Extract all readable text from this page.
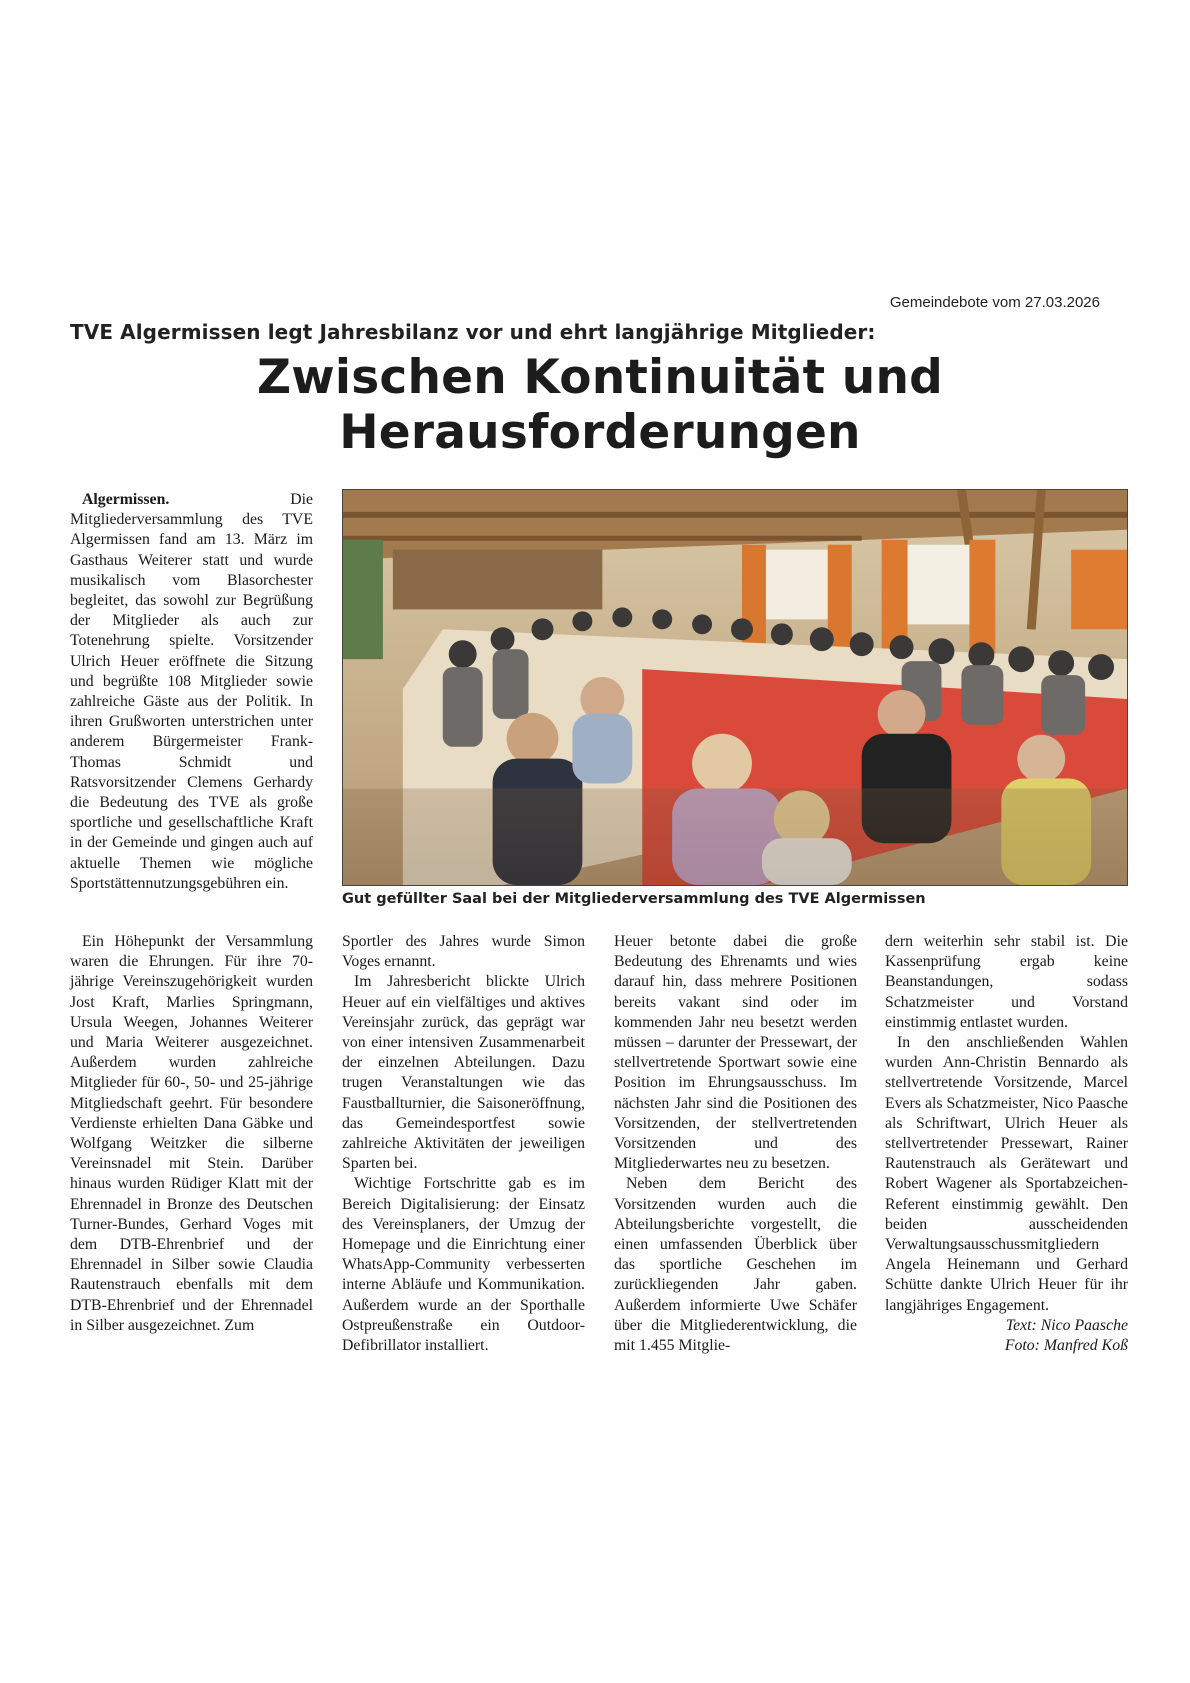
Gemeindebote vom 27.03.2026
TVE Algermissen legt Jahresbilanz vor und ehrt langjährige Mitglieder:
Zwischen Kontinuität und
Herausforderungen

Algermissen.	Die Mitgliederversammlung des TVE Algermissen fand am 13. März im Gasthaus Weiterer statt und wurde musikalisch vom Blasorchester begleitet, das sowohl zur Begrüßung der Mitglieder als auch zur Totenehrung spielte. Vorsitzender Ulrich Heuer eröffnete die Sitzung und begrüßte 108 Mitglieder sowie zahlreiche Gäste aus der Politik. In ihren Grußworten unterstrichen unter anderem Bürgermeister Frank-Thomas Schmidt und Ratsvorsitzender Clemens Gerhardy die Bedeutung des TVE als große sportliche und gesellschaftliche Kraft in der Gemeinde und gingen auch auf aktuelle Themen wie mögliche Sportstättennutzungsgebühren ein.

Gut gefüllter Saal bei der Mitgliederversammlung des TVE Algermissen

Ein Höhepunkt der Versammlung waren die Ehrungen. Für ihre 70-jährige Vereinszugehörigkeit wurden Jost Kraft, Marlies Springmann, Ursula Weegen, Johannes Weiterer und Maria Weiterer ausgezeichnet. Außerdem wurden zahlreiche Mitglieder für 60-, 50- und 25-jährige Mitgliedschaft geehrt. Für besondere Verdienste erhielten Dana Gäbke und Wolfgang Weitzker die silberne Vereinsnadel mit Stein. Darüber hinaus wurden Rüdiger Klatt mit der Ehrennadel in Bronze des Deutschen Turner-Bundes, Gerhard Voges mit dem DTB-Ehrenbrief und der Ehrennadel in Silber sowie Claudia Rautenstrauch ebenfalls mit dem DTB-Ehrenbrief und der Ehrennadel in Silber ausgezeichnet. Zum

Sportler des Jahres wurde Simon Voges ernannt.

Im Jahresbericht blickte Ulrich Heuer auf ein vielfältiges und aktives Vereinsjahr zurück, das geprägt war von einer intensiven Zusammenarbeit der einzelnen Abteilungen. Dazu trugen Veranstaltungen wie das Faustballturnier, die Saisoneröffnung, das Gemeindesportfest sowie zahlreiche Aktivitäten der jeweiligen Sparten bei.

Wichtige Fortschritte gab es im Bereich Digitalisierung: der Einsatz des Vereinsplaners, der Umzug der Homepage und die Einrichtung einer WhatsApp-Community verbesserten interne Abläufe und Kommunikation. Außerdem wurde an der Sporthalle Ostpreußenstraße ein Outdoor-Defibrillator installiert.

Heuer betonte dabei die große Bedeutung des Ehrenamts und wies darauf hin, dass mehrere Positionen bereits vakant sind oder im kommenden Jahr neu besetzt werden müssen – darunter der Pressewart, der stellvertretende Sportwart sowie eine Position im Ehrungsausschuss. Im nächsten Jahr sind die Positionen des Vorsitzenden, der stellvertretenden Vorsitzenden und des Mitgliederwartes neu zu besetzen.

Neben dem Bericht des Vorsitzenden wurden auch die Abteilungsberichte vorgestellt, die einen umfassenden Überblick über das sportliche Geschehen im zurückliegenden Jahr gaben. Außerdem informierte Uwe Schäfer über die Mitgliederentwicklung, die mit 1.455 Mitglie-

dern weiterhin sehr stabil ist. Die Kassenprüfung ergab keine Beanstandungen, sodass Schatzmeister und Vorstand einstimmig entlastet wurden.

In den anschließenden Wahlen wurden Ann-Christin Bennardo als stellvertretende Vorsitzende, Marcel Evers als Schatzmeister, Nico Paasche als Schriftwart, Ulrich Heuer als stellvertretender Pressewart, Rainer Rautenstrauch als Gerätewart und Robert Wagener als Sportabzeichen-Referent einstimmig gewählt. Den beiden ausscheidenden Verwaltungsausschussmitgliedern Angela Heinemann und Gerhard Schütte dankte Ulrich Heuer für ihr langjähriges Engagement.

Text: Nico Paasche
Foto: Manfred Koß
